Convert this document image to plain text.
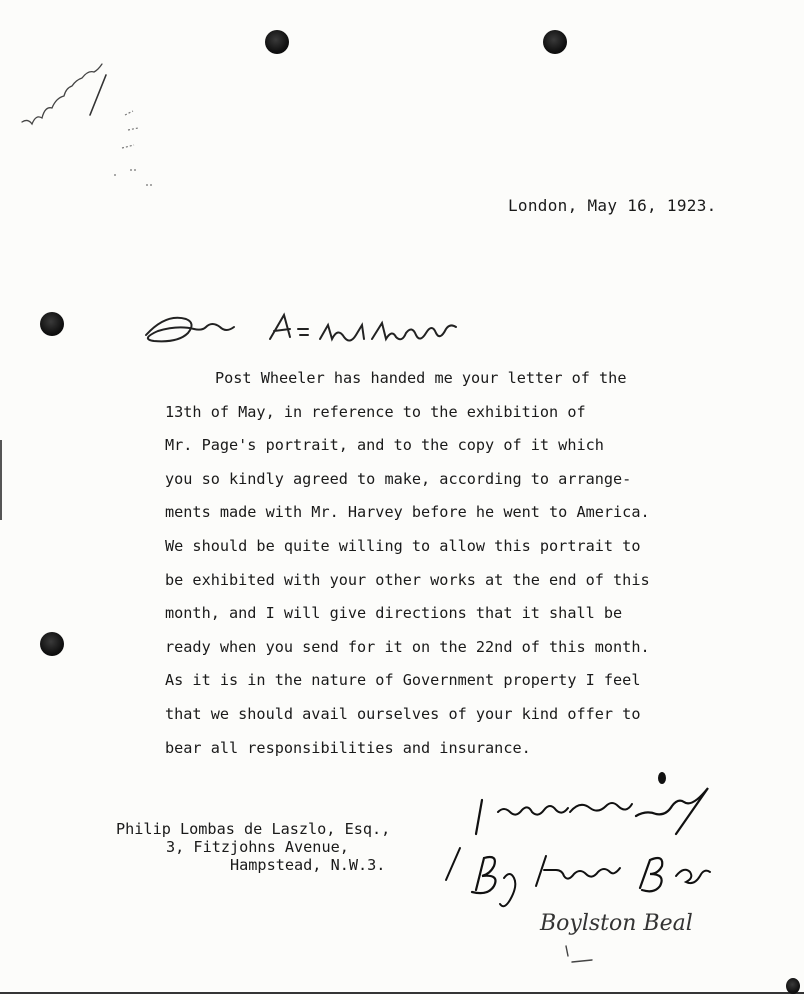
London, May 16, 1923.
Post Wheeler has handed me your letter of the
13th of May, in reference to the exhibition of
Mr. Page's portrait, and to the copy of it which
you so kindly agreed to make, according to arrange-
ments made with Mr. Harvey before he went to America.
We should be quite willing to allow this portrait to
be exhibited with your other works at the end of this
month, and I will give directions that it shall be
ready when you send for it on the 22nd of this month.
As it is in the nature of Government property I feel
that we should avail ourselves of your kind offer to
bear all responsibilities and insurance.
Philip Lombas de Laszlo, Esq.,
3, Fitzjohns Avenue,
Hampstead, N.W.3.
Boylston Beal
